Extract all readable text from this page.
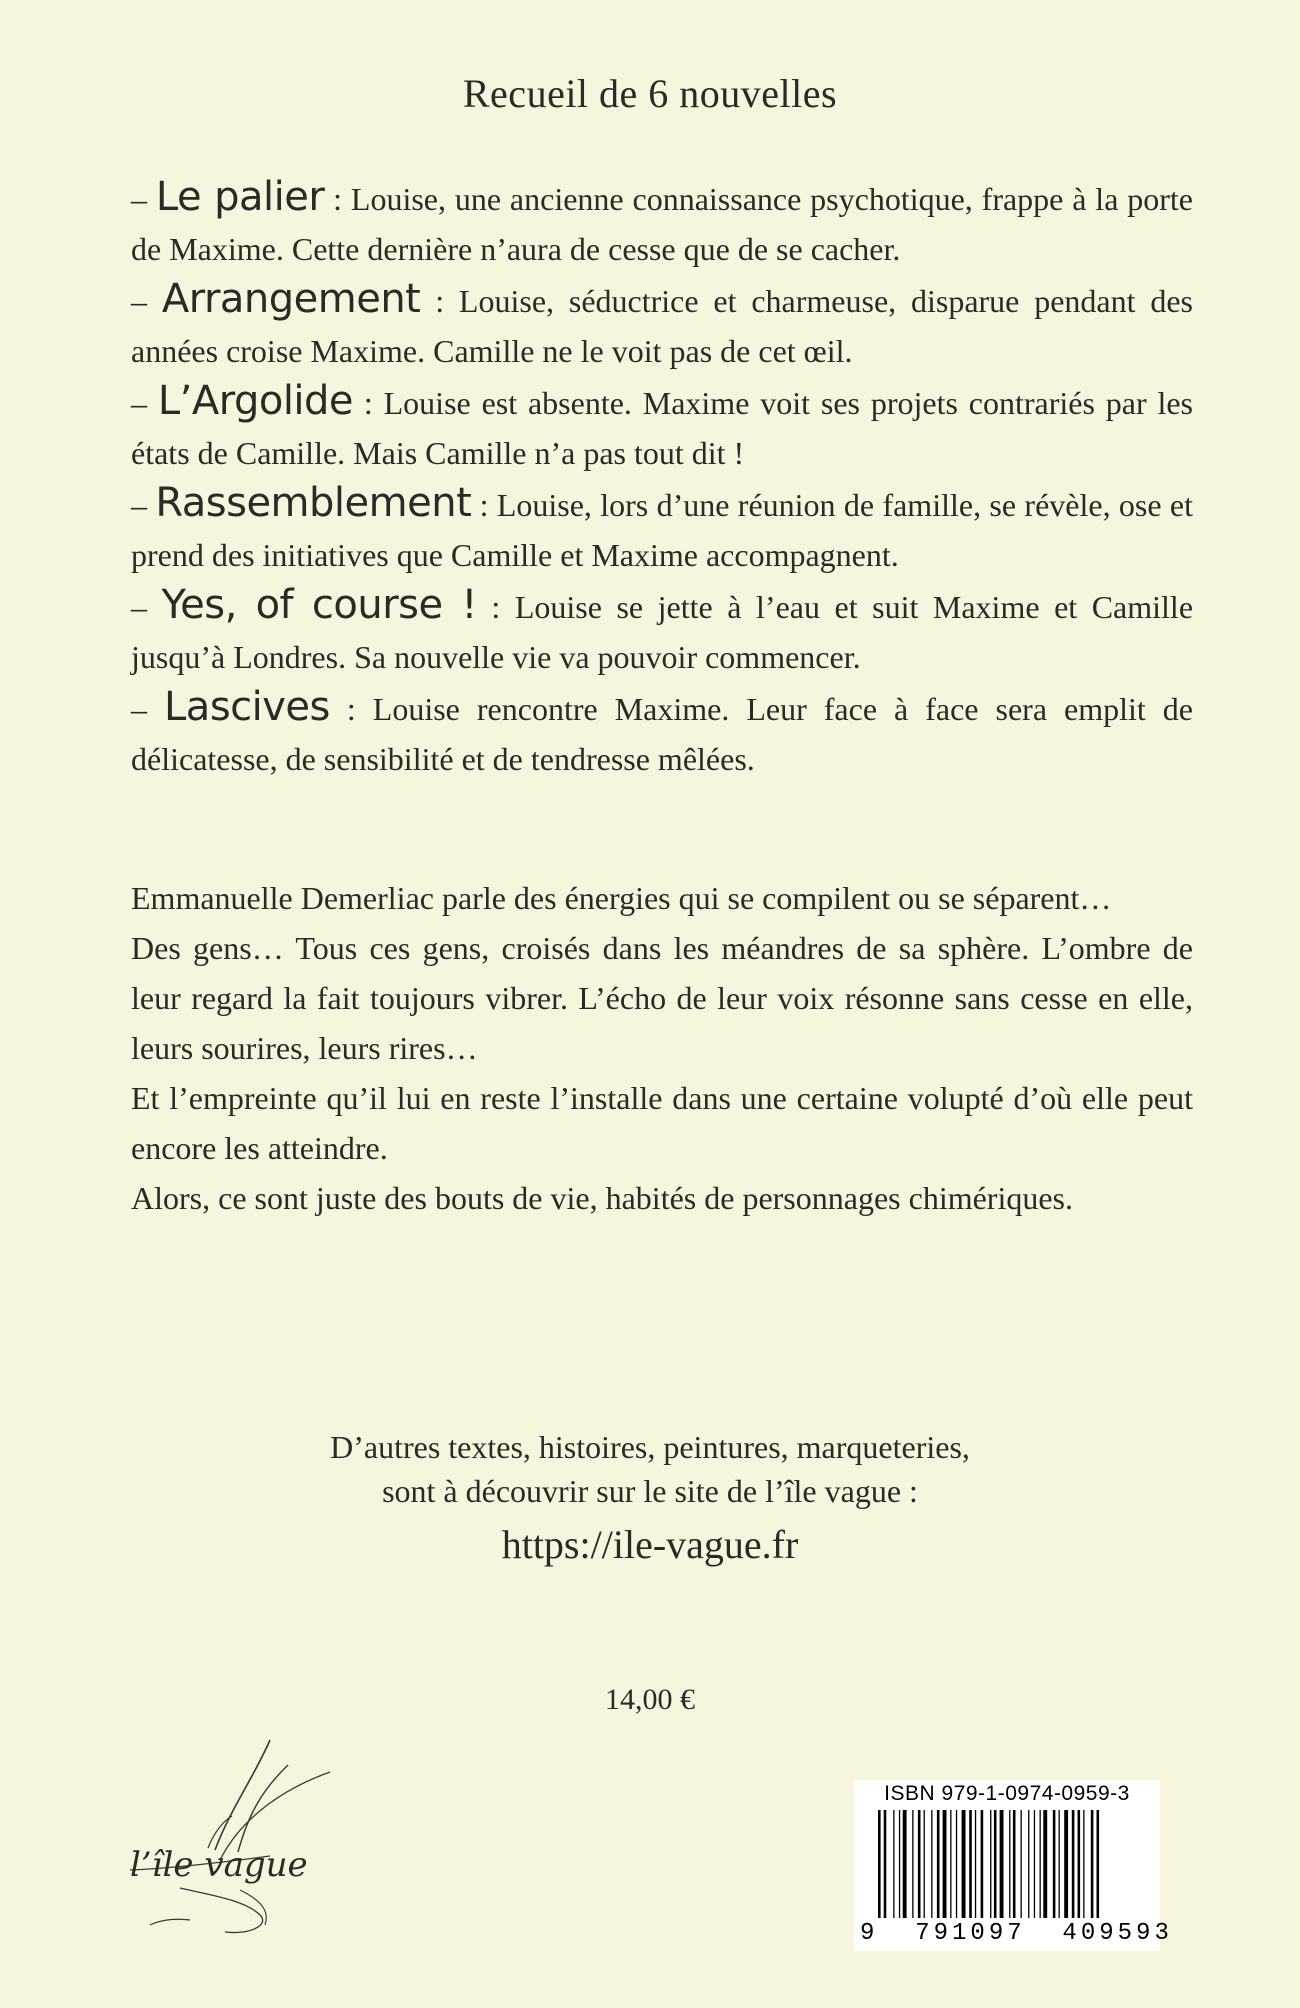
Recueil de 6 nouvelles
– Le palier : Louise, une ancienne connaissance psychotique, frappe à la porte de Maxime. Cette dernière n’aura de cesse que de se cacher.
– Arrangement : Louise, séductrice et charmeuse, disparue pendant des années croise Maxime. Camille ne le voit pas de cet œil.
– L’Argolide : Louise est absente. Maxime voit ses projets contrariés par les états de Camille. Mais Camille n’a pas tout dit !
– Rassemblement : Louise, lors d’une réunion de famille, se révèle, ose et prend des initiatives que Camille et Maxime accompagnent.
– Yes, of course ! : Louise se jette à l’eau et suit Maxime et Camille jusqu’à Londres. Sa nouvelle vie va pouvoir commencer.
– Lascives : Louise rencontre Maxime. Leur face à face sera emplit de délicatesse, de sensibilité et de tendresse mêlées.

Emmanuelle Demerliac parle des énergies qui se compilent ou se séparent…

Des gens… Tous ces gens, croisés dans les méandres de sa sphère. L’ombre de leur regard la fait toujours vibrer. L’écho de leur voix résonne sans cesse en elle, leurs sourires, leurs rires…

Et l’empreinte qu’il lui en reste l’installe dans une certaine volupté d’où elle peut encore les atteindre.

Alors, ce sont juste des bouts de vie, habités de personnages chimériques.

D’autres textes, histoires, peintures, marqueteries,
sont à découvrir sur le site de l’île vague :
https://ile-vague.fr
14,00 €
l’île vague
ISBN 979-1-0974-0959-3
9  791097  409593
